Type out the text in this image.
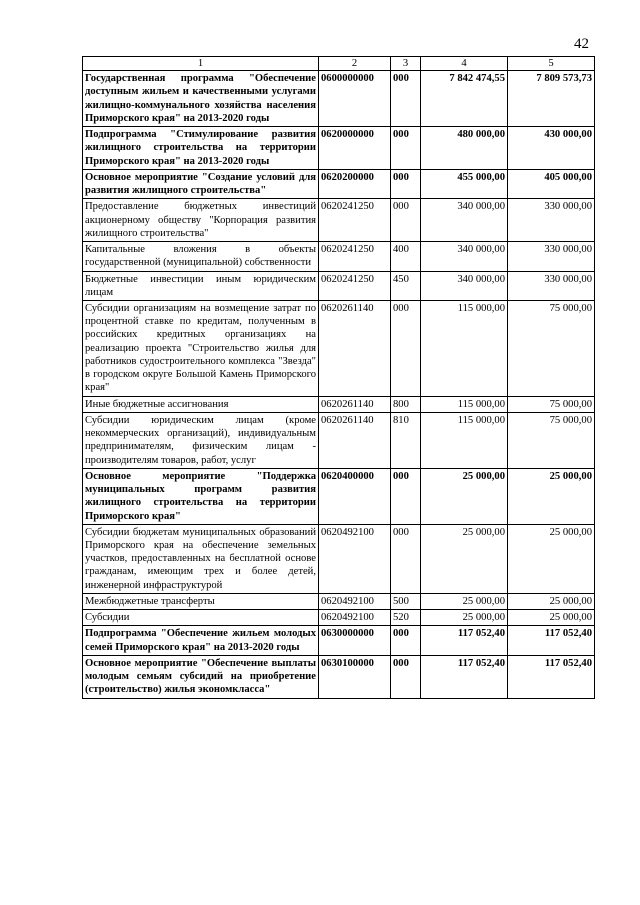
42
1	2	3	4	5
Государственная программа "Обеспечение доступным жильем и качественными услугами жилищно-коммунального хозяйства населения Приморского края" на 2013-2020 годы	0600000000	000	7 842 474,55	7 809 573,73
Подпрограмма "Стимулирование развития жилищного строительства на территории Приморского края" на 2013-2020 годы	0620000000	000	480 000,00	430 000,00
Основное мероприятие "Создание условий для развития жилищного строительства"	0620200000	000	455 000,00	405 000,00
Предоставление бюджетных инвестиций акционерному обществу "Корпорация развития жилищного строительства"	0620241250	000	340 000,00	330 000,00
Капитальные вложения в объекты государственной (муниципальной) собственности	0620241250	400	340 000,00	330 000,00
Бюджетные инвестиции иным юридическим лицам	0620241250	450	340 000,00	330 000,00
Субсидии организациям на возмещение затрат по процентной ставке по кредитам, полученным в российских кредитных организациях на реализацию проекта "Строительство жилья для работников судостроительного комплекса "Звезда" в городском округе Большой Камень Приморского края"	0620261140	000	115 000,00	75 000,00
Иные бюджетные ассигнования	0620261140	800	115 000,00	75 000,00
Субсидии юридическим лицам (кроме некоммерческих организаций), индивидуальным предпринимателям, физическим лицам - производителям товаров, работ, услуг	0620261140	810	115 000,00	75 000,00
Основное мероприятие "Поддержка муниципальных программ развития жилищного строительства на территории Приморского края"	0620400000	000	25 000,00	25 000,00
Субсидии бюджетам муниципальных образований Приморского края на обеспечение земельных участков, предоставленных на бесплатной основе гражданам, имеющим трех и более детей, инженерной инфраструктурой	0620492100	000	25 000,00	25 000,00
Межбюджетные трансферты	0620492100	500	25 000,00	25 000,00
Субсидии	0620492100	520	25 000,00	25 000,00
Подпрограмма "Обеспечение жильем молодых семей Приморского края" на 2013-2020 годы	0630000000	000	117 052,40	117 052,40
Основное мероприятие "Обеспечение выплаты молодым семьям субсидий на приобретение (строительство) жилья экономкласса"	0630100000	000	117 052,40	117 052,40
